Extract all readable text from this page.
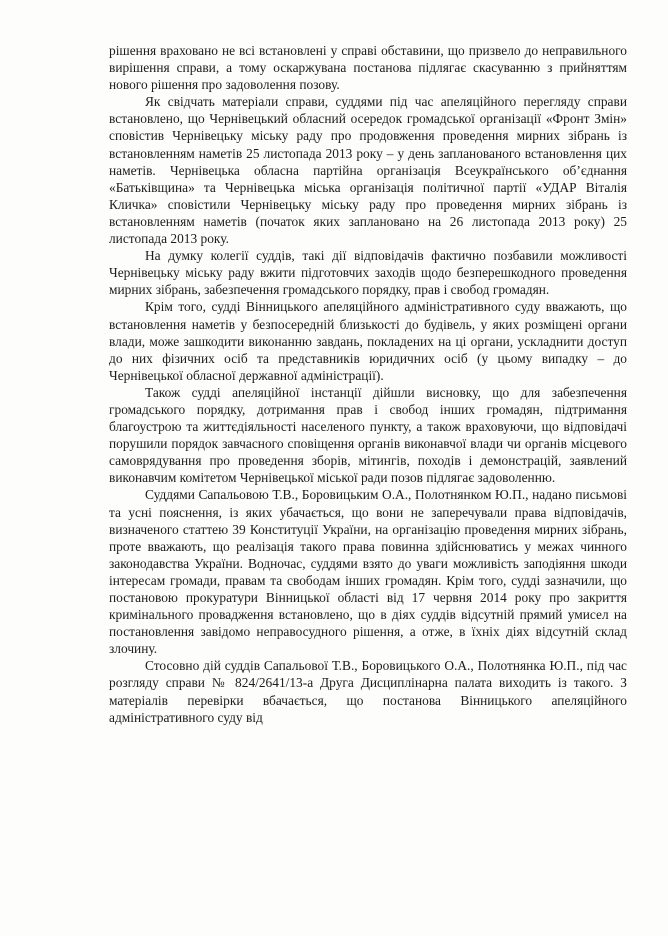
рішення враховано не всі встановлені у справі обставини, що призвело до неправильного вирішення справи, а тому оскаржувана постанова підлягає скасуванню з прийняттям нового рішення про задоволення позову.

Як свідчать матеріали справи, суддями під час апеляційного перегляду справи встановлено, що Чернівецький обласний осередок громадської організації «Фронт Змін» сповістив Чернівецьку міську раду про продовження проведення мирних зібрань із встановленням наметів 25 листопада 2013 року – у день запланованого встановлення цих наметів. Чернівецька обласна партійна організація Всеукраїнського об’єднання «Батьківщина» та Чернівецька міська організація політичної партії «УДАР Віталія Кличка» сповістили Чернівецьку міську раду про проведення мирних зібрань із встановленням наметів (початок яких заплановано на 26 листопада 2013 року) 25 листопада 2013 року.

На думку колегії суддів, такі дії відповідачів фактично позбавили можливості Чернівецьку міську раду вжити підготовчих заходів щодо безперешкодного проведення мирних зібрань, забезпечення громадського порядку, прав і свобод громадян.

Крім того, судді Вінницького апеляційного адміністративного суду вважають, що встановлення наметів у безпосередній близькості до будівель, у яких розміщені органи влади, може зашкодити виконанню завдань, покладених на ці органи, ускладнити доступ до них фізичних осіб та представників юридичних осіб (у цьому випадку – до Чернівецької обласної державної адміністрації).

Також судді апеляційної інстанції дійшли висновку, що для забезпечення громадського порядку, дотримання прав і свобод інших громадян, підтримання благоустрою та життєдіяльності населеного пункту, а також враховуючи, що відповідачі порушили порядок завчасного сповіщення органів виконавчої влади чи органів місцевого самоврядування про проведення зборів, мітингів, походів і демонстрацій, заявлений виконавчим комітетом Чернівецької міської ради позов підлягає задоволенню.

Суддями Сапальовою Т.В., Боровицьким О.А., Полотнянком Ю.П., надано письмові та усні пояснення, із яких убачається, що вони не заперечували права відповідачів, визначеного статтею 39 Конституції України, на організацію проведення мирних зібрань, проте вважають, що реалізація такого права повинна здійснюватись у межах чинного законодавства України. Водночас, суддями взято до уваги можливість заподіяння шкоди інтересам громади, правам та свободам інших громадян. Крім того, судді зазначили, що постановою прокуратури Вінницької області від 17 червня 2014 року про закриття кримінального провадження встановлено, що в діях суддів відсутній прямий умисел на постановлення завідомо неправосудного рішення, а отже, в їхніх діях відсутній склад злочину.

Стосовно дій суддів Сапальової Т.В., Боровицького О.А., Полотнянка Ю.П., під час розгляду справи № 824/2641/13-а Друга Дисциплінарна палата виходить із такого. З матеріалів перевірки вбачається, що постанова Вінницького апеляційного адміністративного суду від
